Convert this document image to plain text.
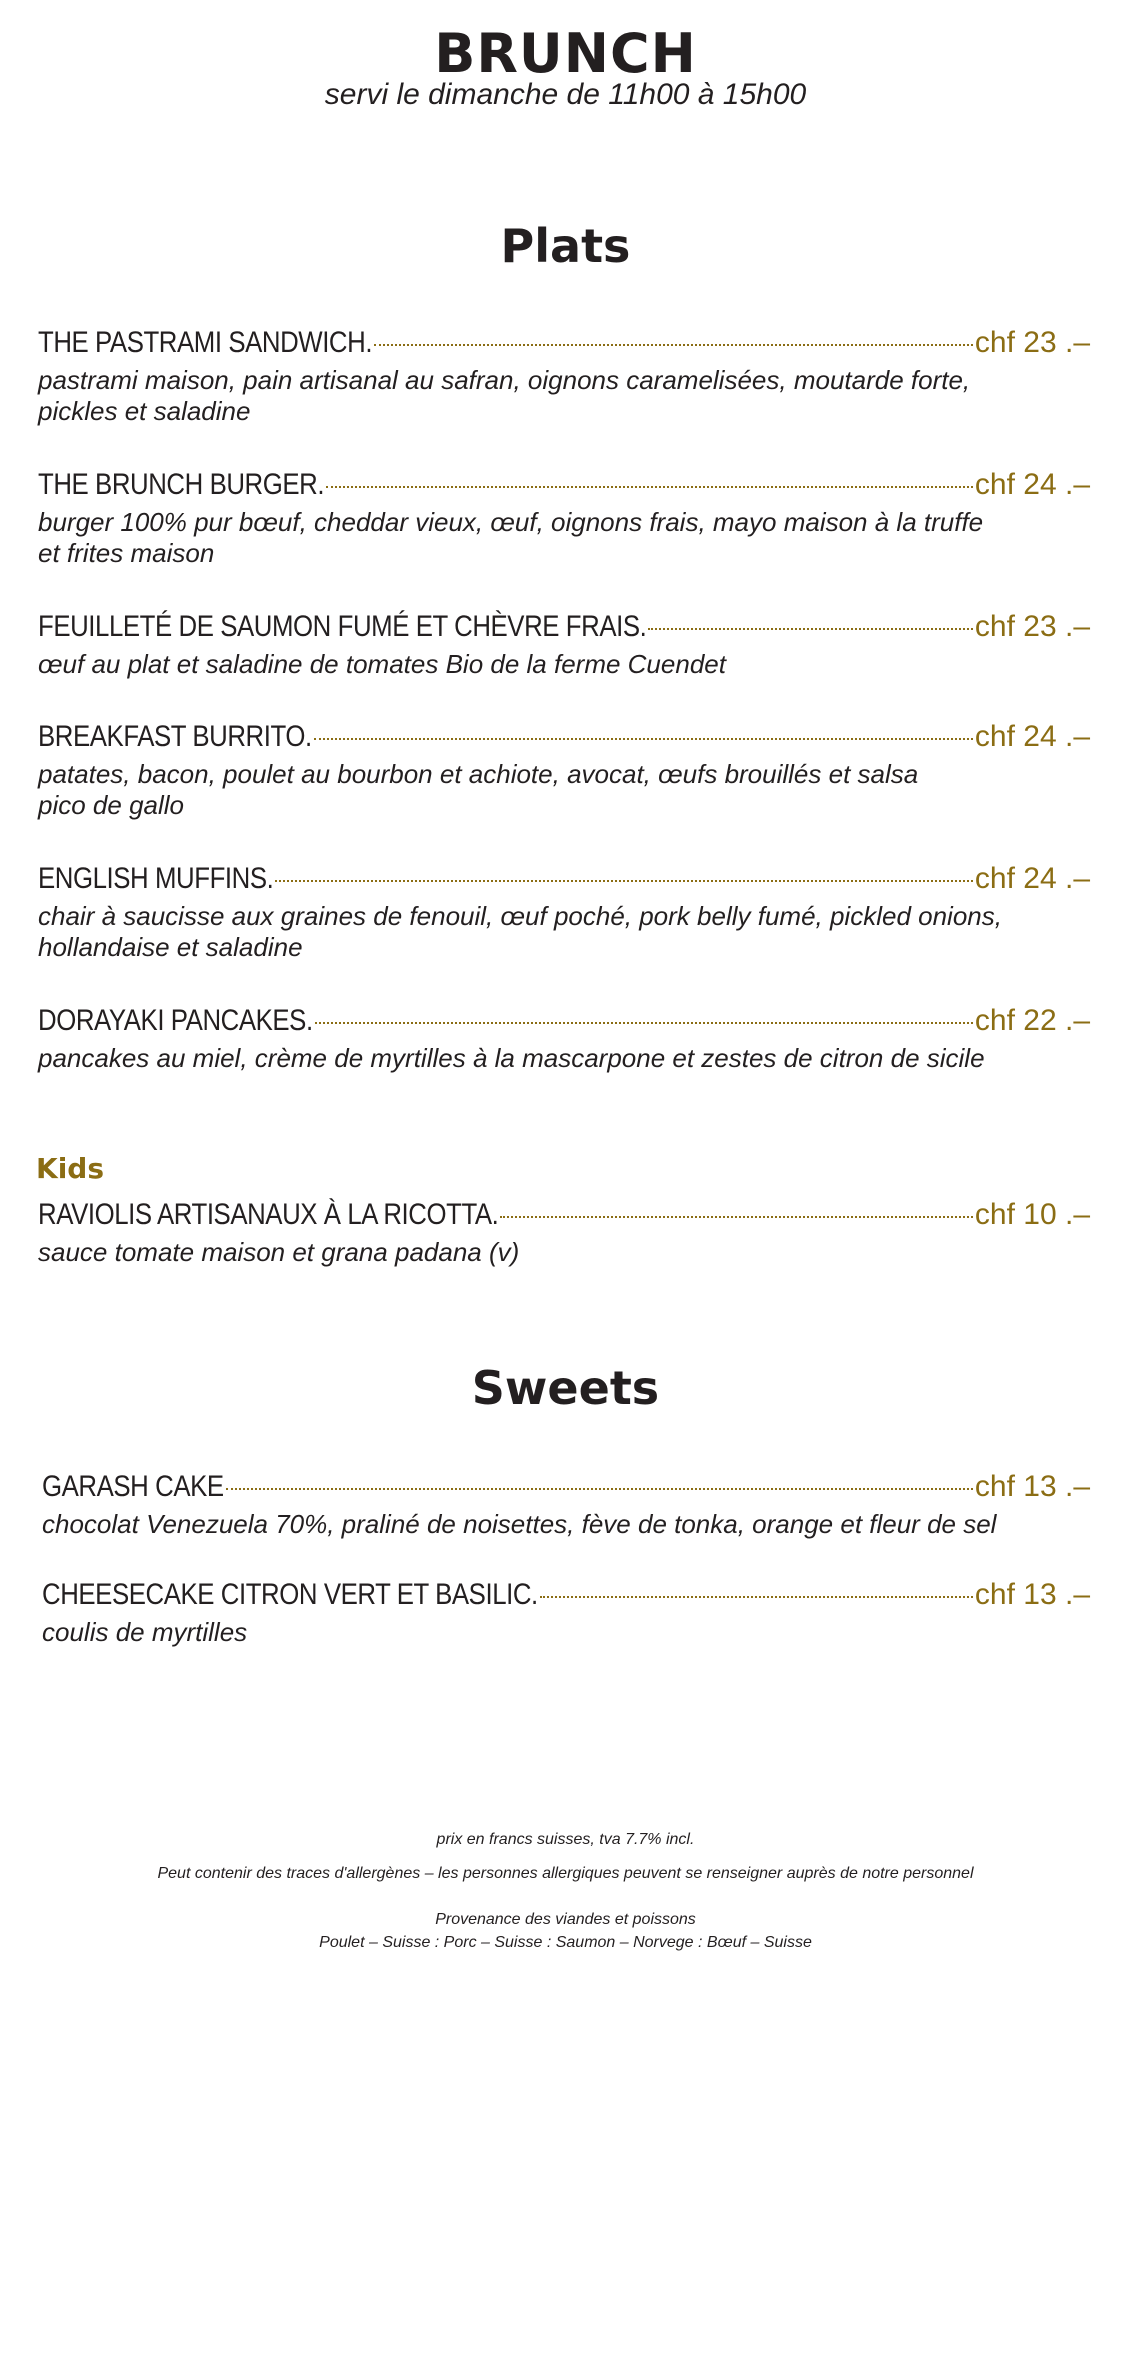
BRUNCH
servi le dimanche de 11h00 à 15h00
Plats
THE PASTRAMI SANDWICH.	chf 23 .–
pastrami maison, pain artisanal au safran, oignons caramelisées, moutarde forte,
pickles et saladine
THE BRUNCH BURGER.	chf 24 .–
burger 100% pur bœuf, cheddar vieux, œuf, oignons frais, mayo maison à la truffe
et frites maison
FEUILLETÉ DE SAUMON FUMÉ ET CHÈVRE FRAIS.	chf 23 .–
œuf au plat et saladine de tomates Bio de la ferme Cuendet
BREAKFAST BURRITO.	chf 24 .–
patates, bacon, poulet au bourbon et achiote, avocat, œufs brouillés et salsa
pico de gallo
ENGLISH MUFFINS.	chf 24 .–
chair à saucisse aux graines de fenouil, œuf poché, pork belly fumé, pickled onions,
hollandaise et saladine
DORAYAKI PANCAKES.	chf 22 .–
pancakes au miel, crème de myrtilles à la mascarpone et zestes de citron de sicile
Kids
RAVIOLIS ARTISANAUX À LA RICOTTA.	chf 10 .–
sauce tomate maison et grana padana (v)
Sweets
GARASH CAKE	chf 13 .–
chocolat Venezuela 70%, praliné de noisettes, fève de tonka, orange et fleur de sel
CHEESECAKE CITRON VERT ET BASILIC.	chf 13 .–
coulis de myrtilles
prix en francs suisses, tva 7.7% incl.
Peut contenir des traces d'allergènes – les personnes allergiques peuvent se renseigner auprès de notre personnel
Provenance des viandes et poissons
Poulet – Suisse : Porc – Suisse : Saumon – Norvege : Bœuf – Suisse
